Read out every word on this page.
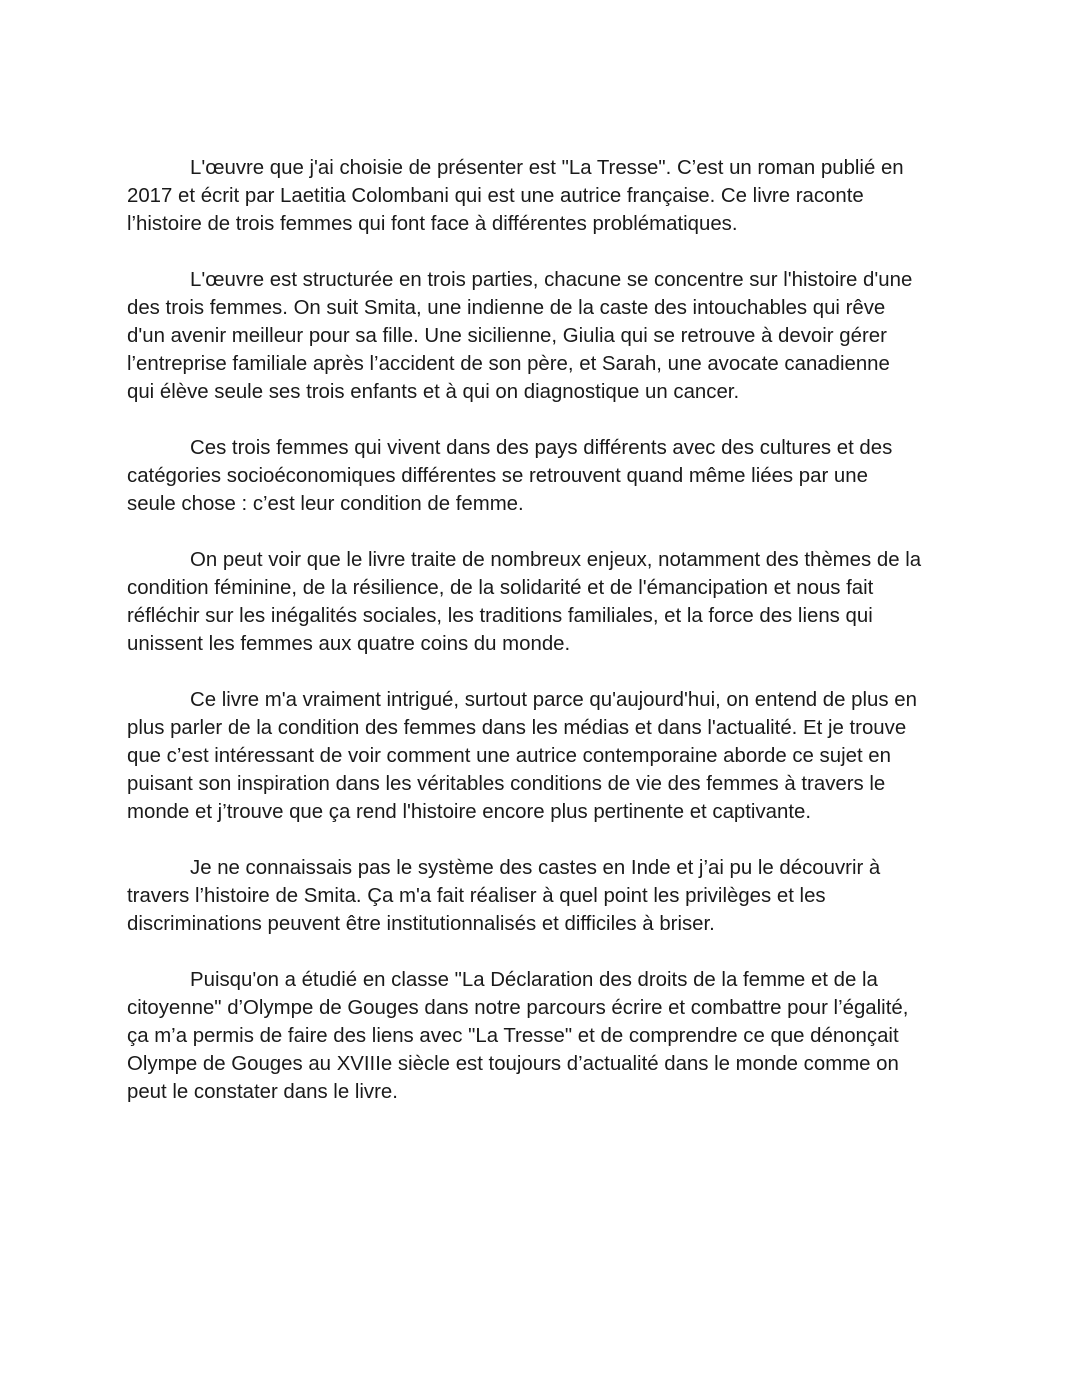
L'œuvre que j'ai choisie de présenter est "La Tresse". C’est un roman publié en
2017 et écrit par Laetitia Colombani qui est une autrice française. Ce livre raconte
l’histoire de trois femmes qui font face à différentes problématiques.

L'œuvre est structurée en trois parties, chacune se concentre sur l'histoire d'une
des trois femmes. On suit Smita, une indienne de la caste des intouchables qui rêve
d'un avenir meilleur pour sa fille. Une sicilienne, Giulia qui se retrouve à devoir gérer
l’entreprise familiale après l’accident de son père, et Sarah, une avocate canadienne
qui élève seule ses trois enfants et à qui on diagnostique un cancer.

Ces trois femmes qui vivent dans des pays différents avec des cultures et des
catégories socioéconomiques différentes se retrouvent quand même liées par une
seule chose : c’est leur condition de femme.

On peut voir que le livre traite de nombreux enjeux, notamment des thèmes de la
condition féminine, de la résilience, de la solidarité et de l'émancipation et nous fait
réfléchir sur les inégalités sociales, les traditions familiales, et la force des liens qui
unissent les femmes aux quatre coins du monde.

Ce livre m'a vraiment intrigué, surtout parce qu'aujourd'hui, on entend de plus en
plus parler de la condition des femmes dans les médias et dans l'actualité. Et je trouve
que c’est intéressant de voir comment une autrice contemporaine aborde ce sujet en
puisant son inspiration dans les véritables conditions de vie des femmes à travers le
monde et j’trouve que ça rend l'histoire encore plus pertinente et captivante.

Je ne connaissais pas le système des castes en Inde et j’ai pu le découvrir à
travers l’histoire de Smita. Ça m'a fait réaliser à quel point les privilèges et les
discriminations peuvent être institutionnalisés et difficiles à briser.

Puisqu'on a étudié en classe "La Déclaration des droits de la femme et de la
citoyenne" d’Olympe de Gouges dans notre parcours écrire et combattre pour l’égalité,
ça m’a permis de faire des liens avec "La Tresse" et de comprendre ce que dénonçait
Olympe de Gouges au XVIIIe siècle est toujours d’actualité dans le monde comme on
peut le constater dans le livre.
